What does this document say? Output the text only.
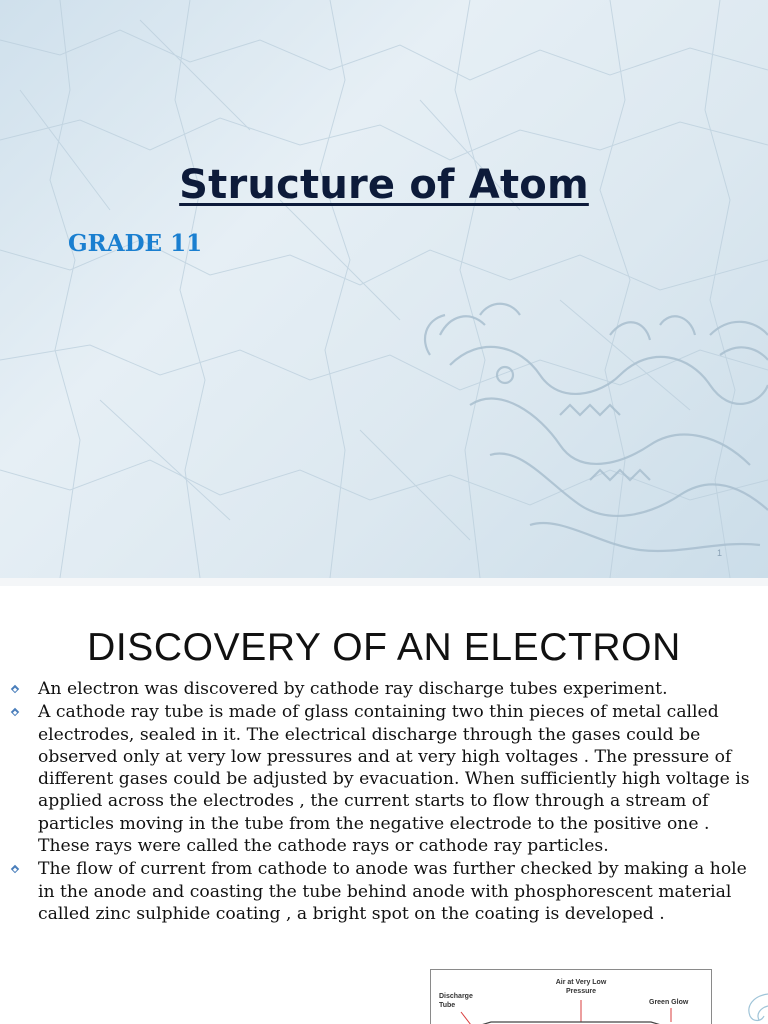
Structure of Atom
GRADE 11
1
DISCOVERY OF AN ELECTRON
An electron was discovered by cathode ray discharge tubes experiment.
A cathode ray tube is made of glass containing two thin pieces of metal called electrodes, sealed in it. The electrical discharge through the gases could be observed only at very low pressures and at very high voltages . The pressure of different gases could be adjusted by evacuation. When sufficiently high voltage is applied across the electrodes , the current starts to flow through a stream of particles moving in the tube from the negative electrode to the positive one . These rays were called the cathode rays or cathode ray particles.
The flow of current from cathode to anode was further checked by making a hole in the anode and coasting the tube behind anode with phosphorescent material called zinc sulphide coating , a bright spot on the coating is developed .
Discharge Tube
Air at Very Low Pressure
Green Glow
